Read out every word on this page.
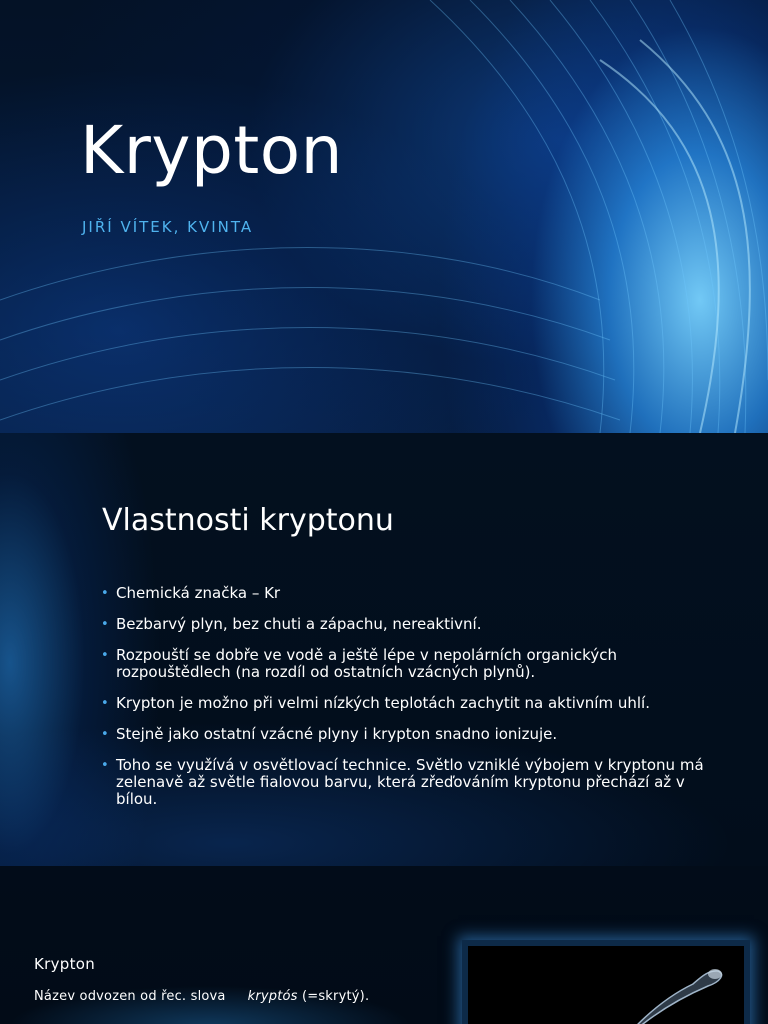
Krypton
JIŘÍ VÍTEK, KVINTA
Vlastnosti kryptonu
• Chemická značka – Kr
• Bezbarvý plyn, bez chuti a zápachu, nereaktivní.
• Rozpouští se dobře ve vodě a ještě lépe v nepolárních organických rozpouštědlech (na rozdíl od ostatních vzácných plynů).
• Krypton je možno při velmi nízkých teplotách zachytit na aktivním uhlí.
• Stejně jako ostatní vzácné plyny i krypton snadno ionizuje.
• Toho se využívá v osvětlovací technice. Světlo vzniklé výbojem v kryptonu má zelenavě až světle fialovou barvu, která zřeďováním kryptonu přechází až v bílou.
Krypton
Název odvozen od řec. slova kryptós (=skrytý).
